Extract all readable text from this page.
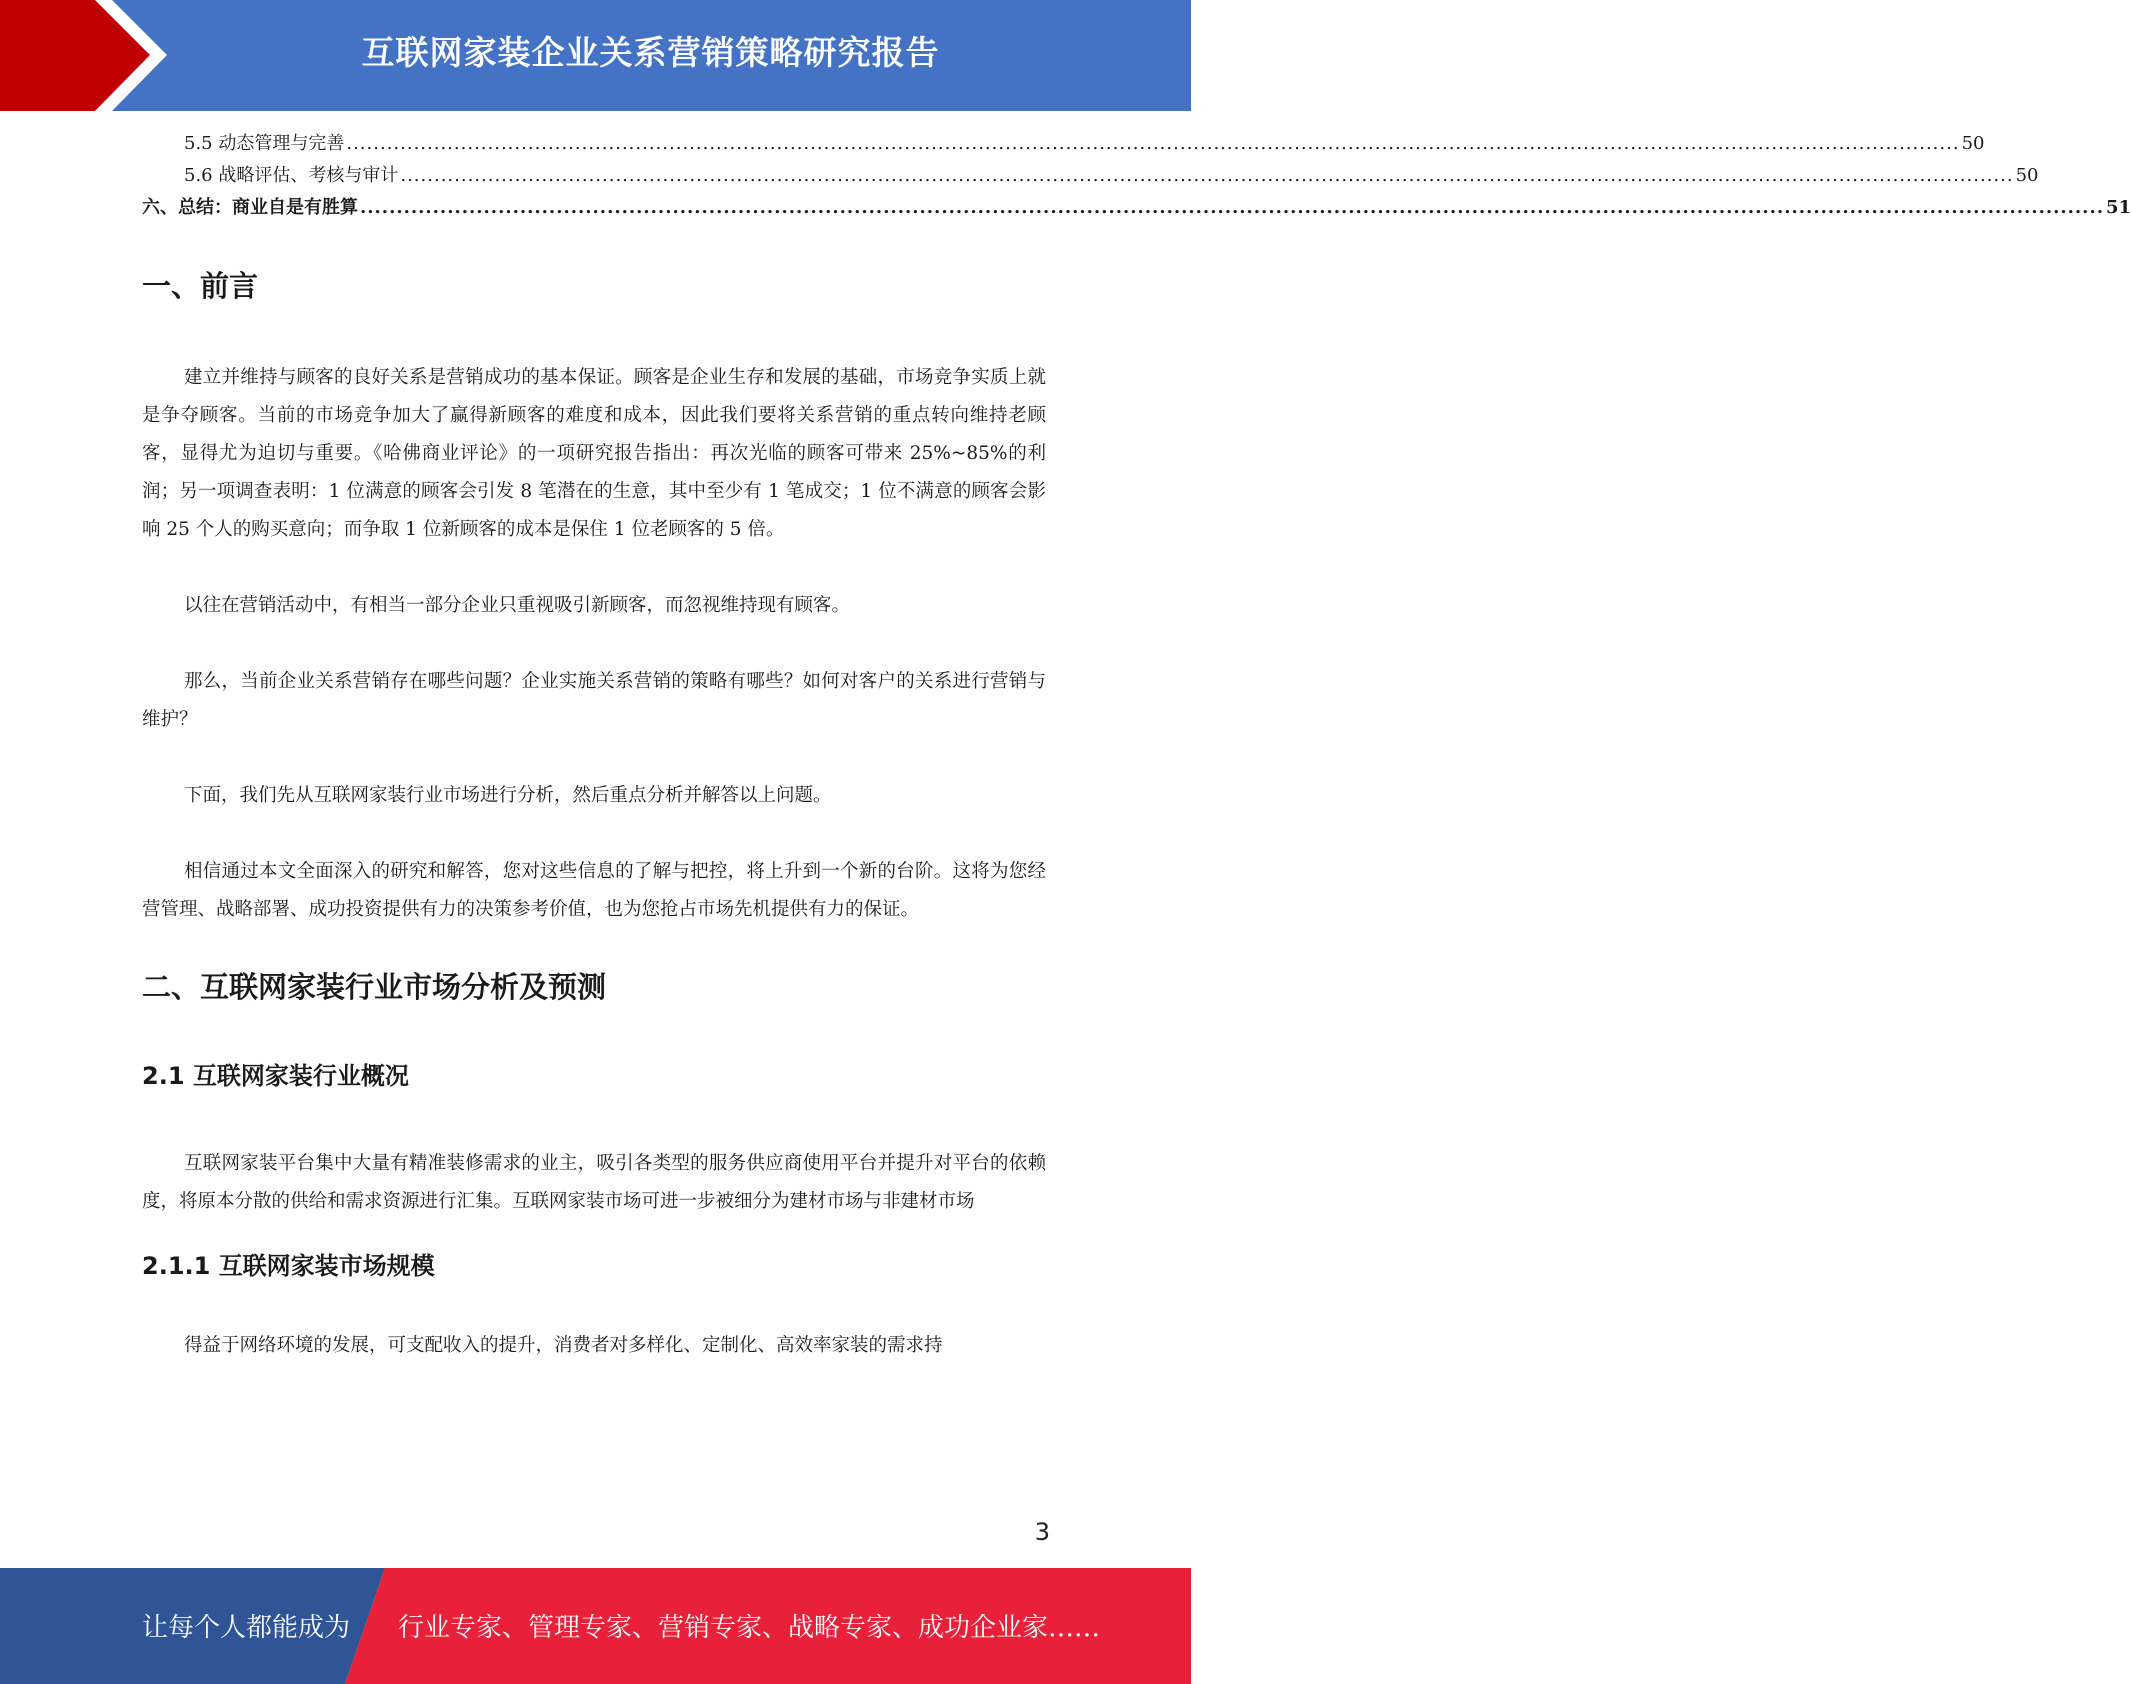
互联网家装企业关系营销策略研究报告
5.5 动态管理与完善 ................................................................................................................................................................................................................................................ 50
5.6 战略评估、考核与审计 ................................................................................................................................................................................................................................................ 50
六、总结：商业自是有胜算 ................................................................................................................................................................................................................................................ 51
一、前言

建立并维持与顾客的良好关系是营销成功的基本保证。顾客是企业生存和发展的基础，市场竞争实质上就是争夺顾客。当前的市场竞争加大了赢得新顾客的难度和成本，因此我们要将关系营销的重点转向维持老顾客，显得尤为迫切与重要。《哈佛商业评论》的一项研究报告指出：再次光临的顾客可带来 25%~85%的利润；另一项调查表明：1 位满意的顾客会引发 8 笔潜在的生意，其中至少有 1 笔成交；1 位不满意的顾客会影响 25 个人的购买意向；而争取 1 位新顾客的成本是保住 1 位老顾客的 5 倍。

以往在营销活动中，有相当一部分企业只重视吸引新顾客，而忽视维持现有顾客。

那么，当前企业关系营销存在哪些问题？企业实施关系营销的策略有哪些？如何对客户的关系进行营销与维护？

下面，我们先从互联网家装行业市场进行分析，然后重点分析并解答以上问题。

相信通过本文全面深入的研究和解答，您对这些信息的了解与把控，将上升到一个新的台阶。这将为您经营管理、战略部署、成功投资提供有力的决策参考价值，也为您抢占市场先机提供有力的保证。

二、互联网家装行业市场分析及预测
2.1 互联网家装行业概况

互联网家装平台集中大量有精准装修需求的业主，吸引各类型的服务供应商使用平台并提升对平台的依赖度，将原本分散的供给和需求资源进行汇集。互联网家装市场可进一步被细分为建材市场与非建材市场

2.1.1 互联网家装市场规模

得益于网络环境的发展，可支配收入的提升，消费者对多样化、定制化、高效率家装的需求持

3
让每个人都能成为 行业专家、管理专家、营销专家、战略专家、成功企业家……
